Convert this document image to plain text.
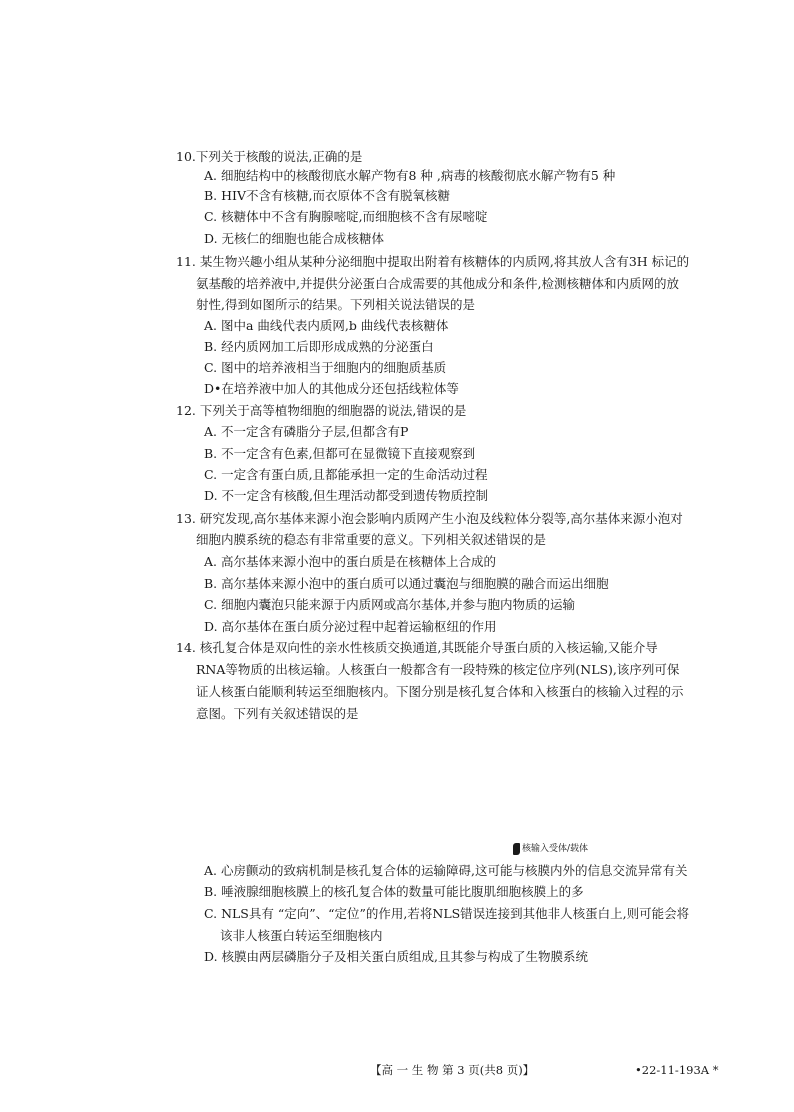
10.下列关于核酸的说法,正确的是
A. 细胞结构中的核酸彻底水解产物有8 种 ,病毒的核酸彻底水解产物有5 种
B. HIV不含有核糖,而衣原体不含有脱氧核糖
C. 核糖体中不含有胸腺嘧啶,而细胞核不含有尿嘧啶
D. 无核仁的细胞也能合成核糖体
11. 某生物兴趣小组从某种分泌细胞中提取出附着有核糖体的内质网,将其放人含有3H 标记的
氨基酸的培养液中,并提供分泌蛋白合成需要的其他成分和条件,检测核糖体和内质网的放
射性,得到如图所示的结果。下列相关说法错误的是
A. 图中a 曲线代表内质网,b 曲线代表核糖体
B. 经内质网加工后即形成成熟的分泌蛋白
C. 图中的培养液相当于细胞内的细胞质基质
D•在培养液中加人的其他成分还包括线粒体等
12. 下列关于高等植物细胞的细胞器的说法,错误的是
A. 不一定含有磷脂分子层,但都含有P
B. 不一定含有色素,但都可在显微镜下直接观察到
C. 一定含有蛋白质,且都能承担一定的生命活动过程
D. 不一定含有核酸,但生理活动都受到遗传物质控制
13. 研究发现,高尔基体来源小泡会影响内质网产生小泡及线粒体分裂等,高尔基体来源小泡对
细胞内膜系统的稳态有非常重要的意义。下列相关叙述错误的是
A. 高尔基体来源小泡中的蛋白质是在核糖体上合成的
B. 高尔基体来源小泡中的蛋白质可以通过囊泡与细胞膜的融合而运出细胞
C. 细胞内囊泡只能来源于内质网或高尔基体,并参与胞内物质的运输
D. 高尔基体在蛋白质分泌过程中起着运输枢纽的作用
14. 核孔复合体是双向性的亲水性核质交换通道,其既能介导蛋白质的入核运输,又能介导
RNA等物质的出核运输。人核蛋白一般都含有一段特殊的核定位序列(NLS),该序列可保
证人核蛋白能顺利转运至细胞核内。下图分别是核孔复合体和入核蛋白的核输入过程的示
意图。下列有关叙述错误的是
核输入受体/载体
A. 心房颤动的致病机制是核孔复合体的运输障碍,这可能与核膜内外的信息交流异常有关
B. 唾液腺细胞核膜上的核孔复合体的数量可能比腹肌细胞核膜上的多
C. NLS具有 “定向”、“定位”的作用,若将NLS错误连接到其他非人核蛋白上,则可能会将
该非人核蛋白转运至细胞核内
D. 核膜由两层磷脂分子及相关蛋白质组成,且其参与构成了生物膜系统
【高 一 生 物 第 3 页(共8 页)】	•22-11-193A *
